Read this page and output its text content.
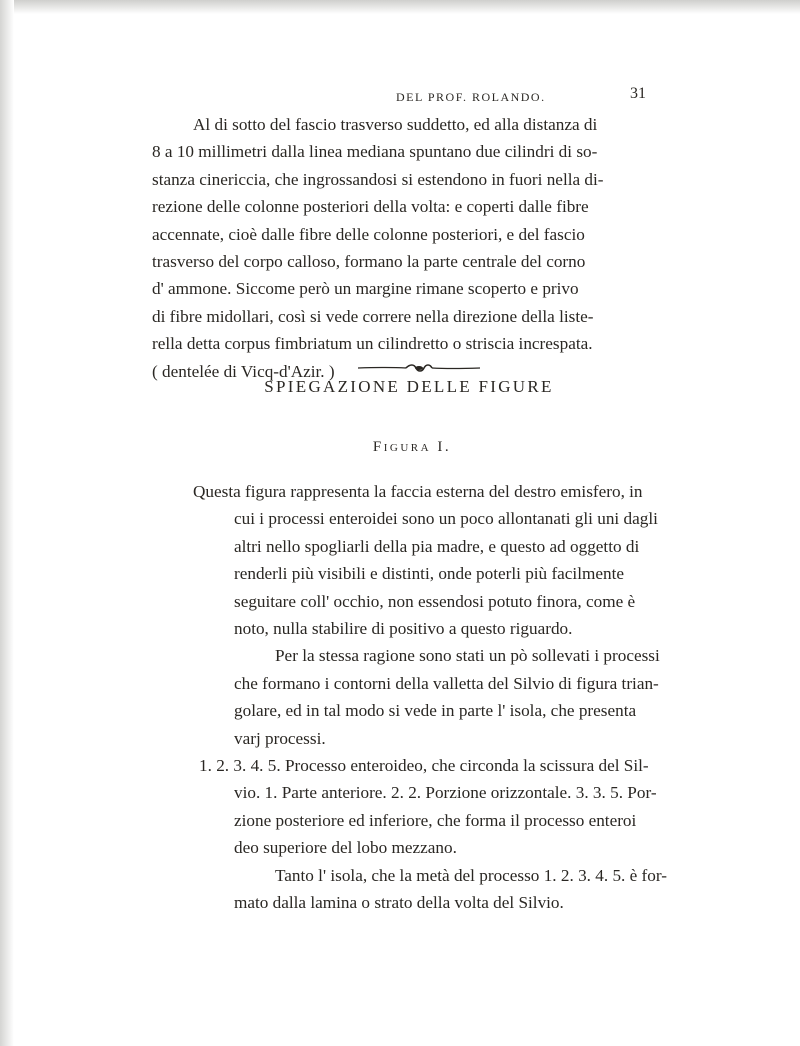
DEL PROF. ROLANDO.	31
Al di sotto del fascio trasverso suddetto, ed alla distanza di
8 a 10 millimetri dalla linea mediana spuntano due cilindri di so-
stanza cinericcia, che ingrossandosi si estendono in fuori nella di-
rezione delle colonne posteriori della volta: e coperti dalle fibre
accennate, cioè dalle fibre delle colonne posteriori, e del fascio
trasverso del corpo calloso, formano la parte centrale del corno
d' ammone. Siccome però un margine rimane scoperto e privo
di fibre midollari, così si vede correre nella direzione della liste-
rella detta corpus fimbriatum un cilindretto o striscia increspata.
( dentelée di Vicq-d'Azir. )
SPIEGAZIONE DELLE FIGURE
Figura I.
Questa figura rappresenta la faccia esterna del destro emisfero, in
cui i processi enteroidei sono un poco allontanati gli uni dagli
altri nello spogliarli della pia madre, e questo ad oggetto di
renderli più visibili e distinti, onde poterli più facilmente
seguitare coll' occhio, non essendosi potuto finora, come è
noto, nulla stabilire di positivo a questo riguardo.
Per la stessa ragione sono stati un pò sollevati i processi
che formano i contorni della valletta del Silvio di figura trian-
golare, ed in tal modo si vede in parte l' isola, che presenta
varj processi.
1. 2. 3. 4. 5. Processo enteroideo, che circonda la scissura del Sil-
vio. 1. Parte anteriore. 2. 2. Porzione orizzontale. 3. 3. 5. Por-
zione posteriore ed inferiore, che forma il processo enteroi
deo superiore del lobo mezzano.
Tanto l' isola, che la metà del processo 1. 2. 3. 4. 5. è for-
mato dalla lamina o strato della volta del Silvio.
